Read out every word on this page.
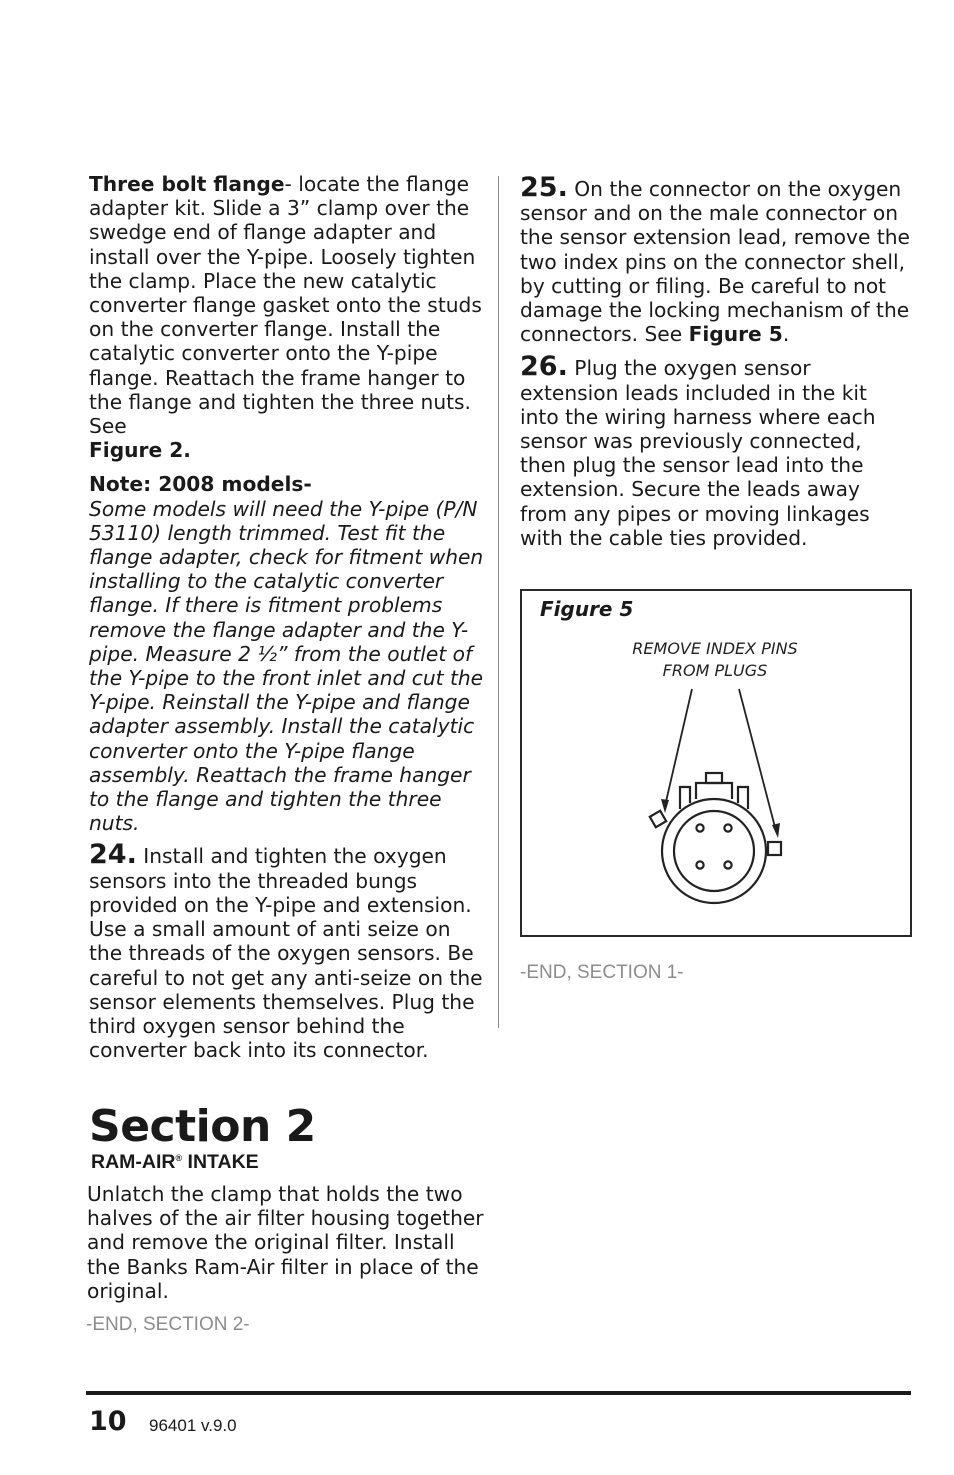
Three bolt flange- locate the flange adapter kit. Slide a 3” clamp over the swedge end of flange adapter and install over the Y-pipe. Loosely tighten the clamp. Place the new catalytic converter flange gasket onto the studs on the converter flange. Install the catalytic converter onto the Y-pipe flange. Reattach the frame hanger to the flange and tighten the three nuts. See
Figure 2.

Note: 2008 models-

Some models will need the Y-pipe (P/N 53110) length trimmed. Test fit the flange adapter, check for fitment when installing to the catalytic converter flange. If there is fitment problems remove the flange adapter and the Y-pipe. Measure 2 ½” from the outlet of the Y-pipe to the front inlet and cut the Y-pipe. Reinstall the Y-pipe and flange adapter assembly. Install the catalytic converter onto the Y-pipe flange assembly. Reattach the frame hanger to the flange and tighten the three nuts.

24. Install and tighten the oxygen sensors into the threaded bungs provided on the Y-pipe and extension. Use a small amount of anti seize on the threads of the oxygen sensors. Be careful to not get any anti-seize on the sensor elements themselves. Plug the third oxygen sensor behind the converter back into its connector.

25. On the connector on the oxygen sensor and on the male connector on the sensor extension lead, remove the two index pins on the connector shell, by cutting or filing. Be careful to not damage the locking mechanism of the connectors. See Figure 5.

26. Plug the oxygen sensor extension leads included in the kit into the wiring harness where each sensor was previously connected, then plug the sensor lead into the extension. Secure the leads away from any pipes or moving linkages with the cable ties provided.

REMOVE INDEX PINS
FROM PLUGS
Figure 5
-END, SECTION 1-
Section 2
RAM-AIR® INTAKE

Unlatch the clamp that holds the two halves of the air filter housing together and remove the original filter. Install the Banks Ram-Air filter in place of the original.

-END, SECTION 2-
10 96401 v.9.0
